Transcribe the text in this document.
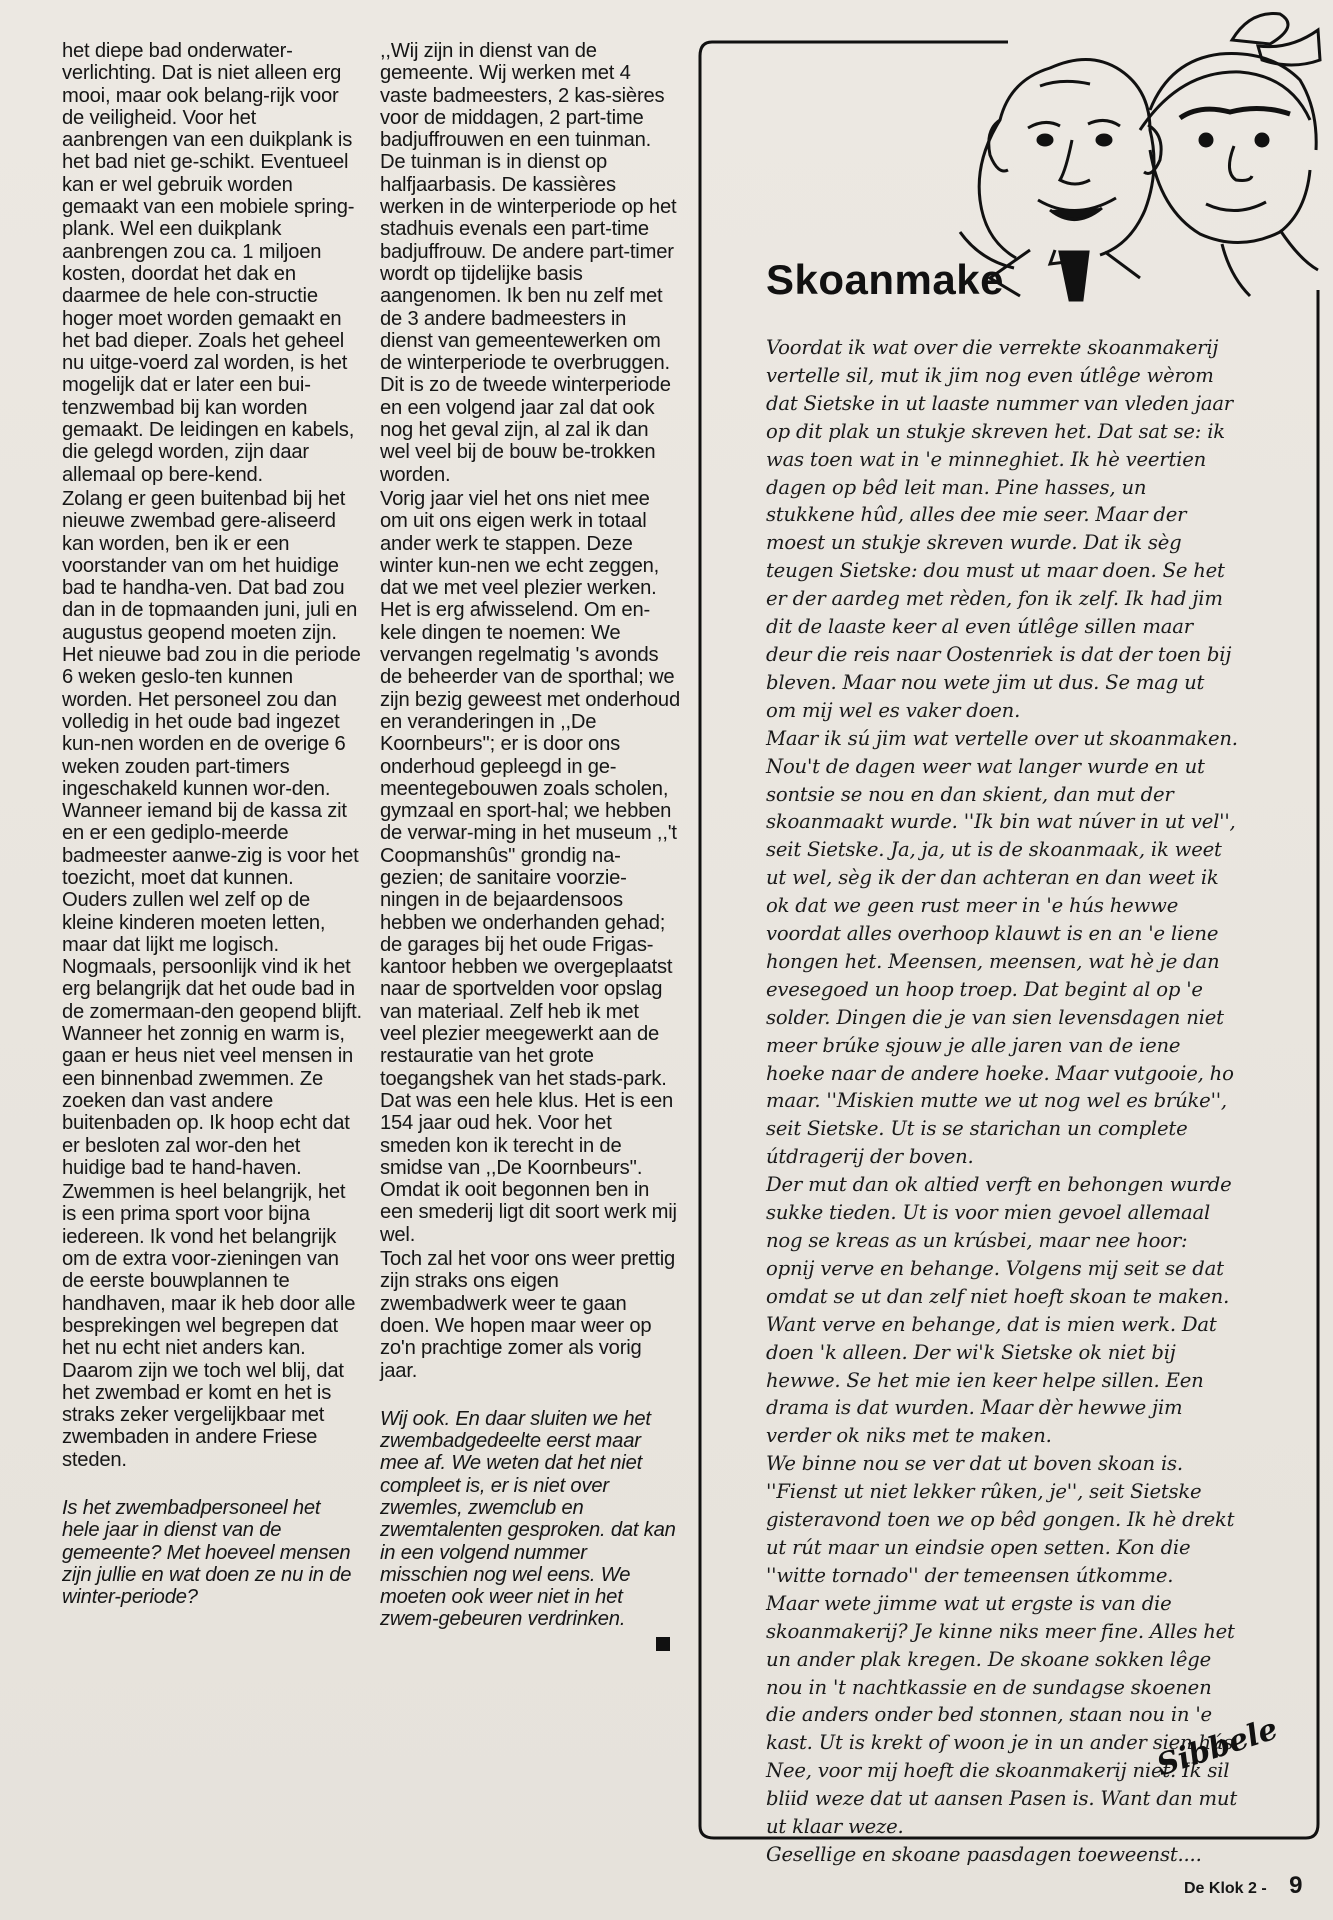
het diepe bad onderwater-verlichting. Dat is niet alleen erg mooi, maar ook belang-rijk voor de veiligheid. Voor het aanbrengen van een duikplank is het bad niet ge-schikt. Eventueel kan er wel gebruik worden gemaakt van een mobiele spring-plank. Wel een duikplank aanbrengen zou ca. 1 miljoen kosten, doordat het dak en daarmee de hele con-structie hoger moet worden gemaakt en het bad dieper. Zoals het geheel nu uitge-voerd zal worden, is het mogelijk dat er later een bui-tenzwembad bij kan worden gemaakt. De leidingen en kabels, die gelegd worden, zijn daar allemaal op bere-kend.

Zolang er geen buitenbad bij het nieuwe zwembad gere-aliseerd kan worden, ben ik er een voorstander van om het huidige bad te handha-ven. Dat bad zou dan in de topmaanden juni, juli en augustus geopend moeten zijn. Het nieuwe bad zou in die periode 6 weken geslo-ten kunnen worden. Het personeel zou dan volledig in het oude bad ingezet kun-nen worden en de overige 6 weken zouden part-timers ingeschakeld kunnen wor-den. Wanneer iemand bij de kassa zit en er een gediplo-meerde badmeester aanwe-zig is voor het toezicht, moet dat kunnen. Ouders zullen wel zelf op de kleine kinderen moeten letten, maar dat lijkt me logisch. Nogmaals, persoonlijk vind ik het erg belangrijk dat het oude bad in de zomermaan-den geopend blijft. Wanneer het zonnig en warm is, gaan er heus niet veel mensen in een binnenbad zwemmen. Ze zoeken dan vast andere buitenbaden op. Ik hoop echt dat er besloten zal wor-den het huidige bad te hand-haven.

Zwemmen is heel belangrijk, het is een prima sport voor bijna iedereen. Ik vond het belangrijk om de extra voor-zieningen van de eerste bouwplannen te handhaven, maar ik heb door alle besprekingen wel begrepen dat het nu echt niet anders kan. Daarom zijn we toch wel blij, dat het zwembad er komt en het is straks zeker vergelijkbaar met zwembaden in andere Friese steden.

Is het zwembadpersoneel het hele jaar in dienst van de gemeente? Met hoeveel mensen zijn jullie en wat doen ze nu in de winter-periode?

,,Wij zijn in dienst van de gemeente. Wij werken met 4 vaste badmeesters, 2 kas-sières voor de middagen, 2 part-time badjuffrouwen en een tuinman. De tuinman is in dienst op halfjaarbasis. De kassières werken in de winterperiode op het stadhuis evenals een part-time badjuffrouw. De andere part-timer wordt op tijdelijke basis aangenomen. Ik ben nu zelf met de 3 andere badmeesters in dienst van gemeentewerken om de winterperiode te overbruggen. Dit is zo de tweede winterperiode en een volgend jaar zal dat ook nog het geval zijn, al zal ik dan wel veel bij de bouw be-trokken worden.

Vorig jaar viel het ons niet mee om uit ons eigen werk in totaal ander werk te stappen. Deze winter kun-nen we echt zeggen, dat we met veel plezier werken. Het is erg afwisselend. Om en-kele dingen te noemen: We vervangen regelmatig 's avonds de beheerder van de sporthal; we zijn bezig geweest met onderhoud en veranderingen in ,,De Koornbeurs''; er is door ons onderhoud gepleegd in ge-meentegebouwen zoals scholen, gymzaal en sport-hal; we hebben de verwar-ming in het museum ,,'t Coopmanshûs'' grondig na-gezien; de sanitaire voorzie-ningen in de bejaardensoos hebben we onderhanden gehad; de garages bij het oude Frigas-kantoor hebben we overgeplaatst naar de sportvelden voor opslag van materiaal. Zelf heb ik met veel plezier meegewerkt aan de restauratie van het grote toegangshek van het stads-park. Dat was een hele klus. Het is een 154 jaar oud hek. Voor het smeden kon ik terecht in de smidse van ,,De Koornbeurs''. Omdat ik ooit begonnen ben in een smederij ligt dit soort werk mij wel.

Toch zal het voor ons weer prettig zijn straks ons eigen zwembadwerk weer te gaan doen. We hopen maar weer op zo'n prachtige zomer als vorig jaar.

Wij ook. En daar sluiten we het zwembadgedeelte eerst maar mee af. We weten dat het niet compleet is, er is niet over zwemles, zwemclub en zwemtalenten gesproken. dat kan in een volgend nummer misschien nog wel eens. We moeten ook weer niet in het zwem-gebeuren verdrinken.

Skoanmake

Voordat ik wat over die verrekte skoanmakerij vertelle sil, mut ik jim nog even útlêge wèrom dat Sietske in ut laaste nummer van vleden jaar op dit plak un stukje skreven het. Dat sat se: ik was toen wat in 'e minneghiet. Ik hè veertien dagen op bêd leit man. Pine hasses, un stukkene hûd, alles dee mie seer. Maar der moest un stukje skreven wurde. Dat ik sèg teugen Sietske: dou must ut maar doen. Se het er der aardeg met rèden, fon ik zelf. Ik had jim dit de laaste keer al even útlêge sillen maar deur die reis naar Oostenriek is dat der toen bij bleven. Maar nou wete jim ut dus. Se mag ut om mij wel es vaker doen.

Maar ik sú jim wat vertelle over ut skoanmaken. Nou't de dagen weer wat langer wurde en ut sontsie se nou en dan skient, dan mut der skoanmaakt wurde. ''Ik bin wat núver in ut vel'', seit Sietske. Ja, ja, ut is de skoanmaak, ik weet ut wel, sèg ik der dan achteran en dan weet ik ok dat we geen rust meer in 'e hús hewwe voordat alles overhoop klauwt is en an 'e liene hongen het. Meensen, meensen, wat hè je dan evesegoed un hoop troep. Dat begint al op 'e solder. Dingen die je van sien levensdagen niet meer brúke sjouw je alle jaren van de iene hoeke naar de andere hoeke. Maar vutgooie, ho maar. ''Miskien mutte we ut nog wel es brúke'', seit Sietske. Ut is se starichan un complete útdragerij der boven.

Der mut dan ok altied verft en behongen wurde sukke tieden. Ut is voor mien gevoel allemaal nog se kreas as un krúsbei, maar nee hoor: opnij verve en behange. Volgens mij seit se dat omdat se ut dan zelf niet hoeft skoan te maken. Want verve en behange, dat is mien werk. Dat doen 'k alleen. Der wi'k Sietske ok niet bij hewwe. Se het mie ien keer helpe sillen. Een drama is dat wurden. Maar dèr hewwe jim verder ok niks met te maken.

We binne nou se ver dat ut boven skoan is. ''Fienst ut niet lekker rûken, je'', seit Sietske gisteravond toen we op bêd gongen. Ik hè drekt ut rút maar un eindsie open setten. Kon die ''witte tornado'' der temeensen útkomme.

Maar wete jimme wat ut ergste is van die skoanmakerij? Je kinne niks meer fine. Alles het un ander plak kregen. De skoane sokken lêge nou in 't nachtkassie en de sundagse skoenen die anders onder bed stonnen, staan nou in 'e kast. Ut is krekt of woon je in un ander sien hús. Nee, voor mij hoeft die skoanmakerij niet. Ik sil bliid weze dat ut aansen Pasen is. Want dan mut ut klaar weze.

Gesellige en skoane paasdagen toeweenst....

Sibbele
De Klok 2 - 9
